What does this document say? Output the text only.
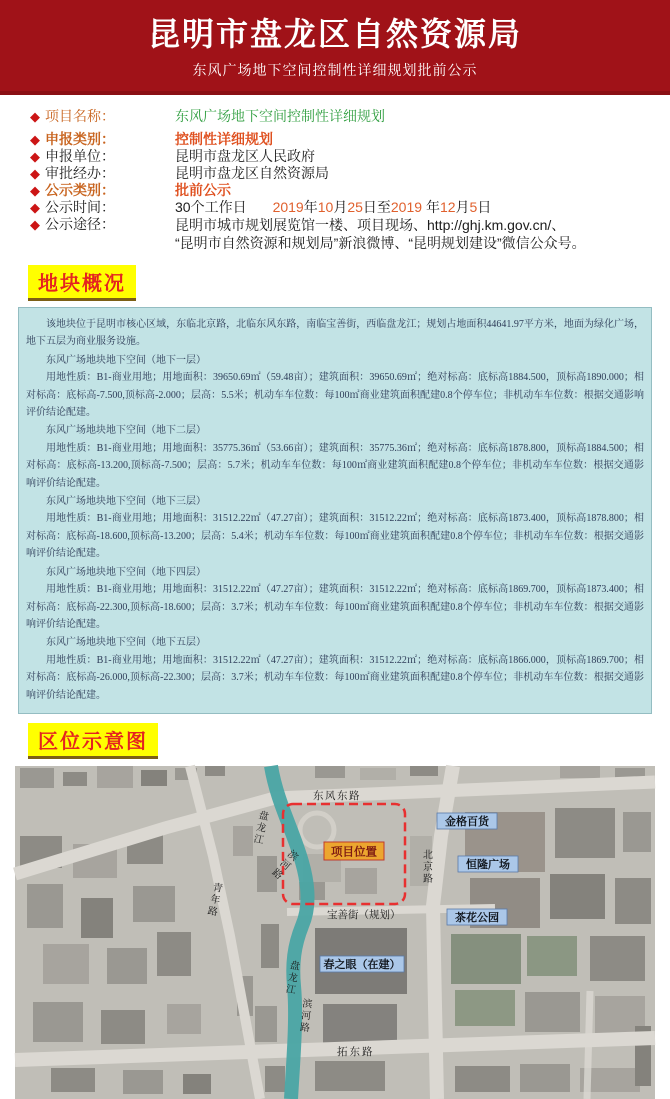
昆明市盘龙区自然资源局
东风广场地下空间控制性详细规划批前公示
◆ 项目名称：	东风广场地下空间控制性详细规划
◆ 申报类别：	控制性详细规划
◆ 申报单位：	昆明市盘龙区人民政府
◆ 审批经办：	昆明市盘龙区自然资源局
◆ 公示类别：	批前公示
◆ 公示时间：	30个工作日 2019年10月25日至2019 年12月5日
◆ 公示途径：	昆明市城市规划展览馆一楼、项目现场、http://ghj.km.gov.cn/、
“昆明市自然资源和规划局”新浪微博、“昆明规划建设”微信公众号。
地块概况

该地块位于昆明市核心区域，东临北京路，北临东风东路，南临宝善街，西临盘龙江；规划占地面积44641.97平方米，地面为绿化广场，地下五层为商业服务设施。

东风广场地块地下空间（地下一层）

用地性质：B1-商业用地；用地面积：39650.69㎡（59.48亩）；建筑面积：39650.69㎡；绝对标高：底标高1884.500，顶标高1890.000；相对标高：底标高-7.500,顶标高-2.000；层高：5.5米；机动车车位数：每100㎡商业建筑面积配建0.8个停车位；非机动车车位数：根据交通影响评价结论配建。

东风广场地块地下空间（地下二层）

用地性质：B1-商业用地；用地面积：35775.36㎡（53.66亩）；建筑面积：35775.36㎡；绝对标高：底标高1878.800，顶标高1884.500；相对标高：底标高-13.200,顶标高-7.500；层高：5.7米；机动车车位数：每100㎡商业建筑面积配建0.8个停车位；非机动车车位数：根据交通影响评价结论配建。

东风广场地块地下空间（地下三层）

用地性质：B1-商业用地；用地面积：31512.22㎡（47.27亩）；建筑面积：31512.22㎡；绝对标高：底标高1873.400，顶标高1878.800；相对标高：底标高-18.600,顶标高-13.200；层高：5.4米；机动车车位数：每100㎡商业建筑面积配建0.8个停车位；非机动车车位数：根据交通影响评价结论配建。

东风广场地块地下空间（地下四层）

用地性质：B1-商业用地；用地面积：31512.22㎡（47.27亩）；建筑面积：31512.22㎡；绝对标高：底标高1869.700，顶标高1873.400；相对标高：底标高-22.300,顶标高-18.600；层高：3.7米；机动车车位数：每100㎡商业建筑面积配建0.8个停车位；非机动车车位数：根据交通影响评价结论配建。

东风广场地块地下空间（地下五层）

用地性质：B1-商业用地；用地面积：31512.22㎡（47.27亩）；建筑面积：31512.22㎡；绝对标高：底标高1866.000，顶标高1869.700；相对标高：底标高-26.000,顶标高-22.300；层高：3.7米；机动车车位数：每100㎡商业建筑面积配建0.8个停车位；非机动车车位数：根据交通影响评价结论配建。

区位示意图
东风东路
北京路
青年路
盘龙江
滨河路
盘龙江
滨河路
宝善街（规划）
拓东路
项目位置
金格百货
恒隆广场
茶花公园
春之眼（在建）
